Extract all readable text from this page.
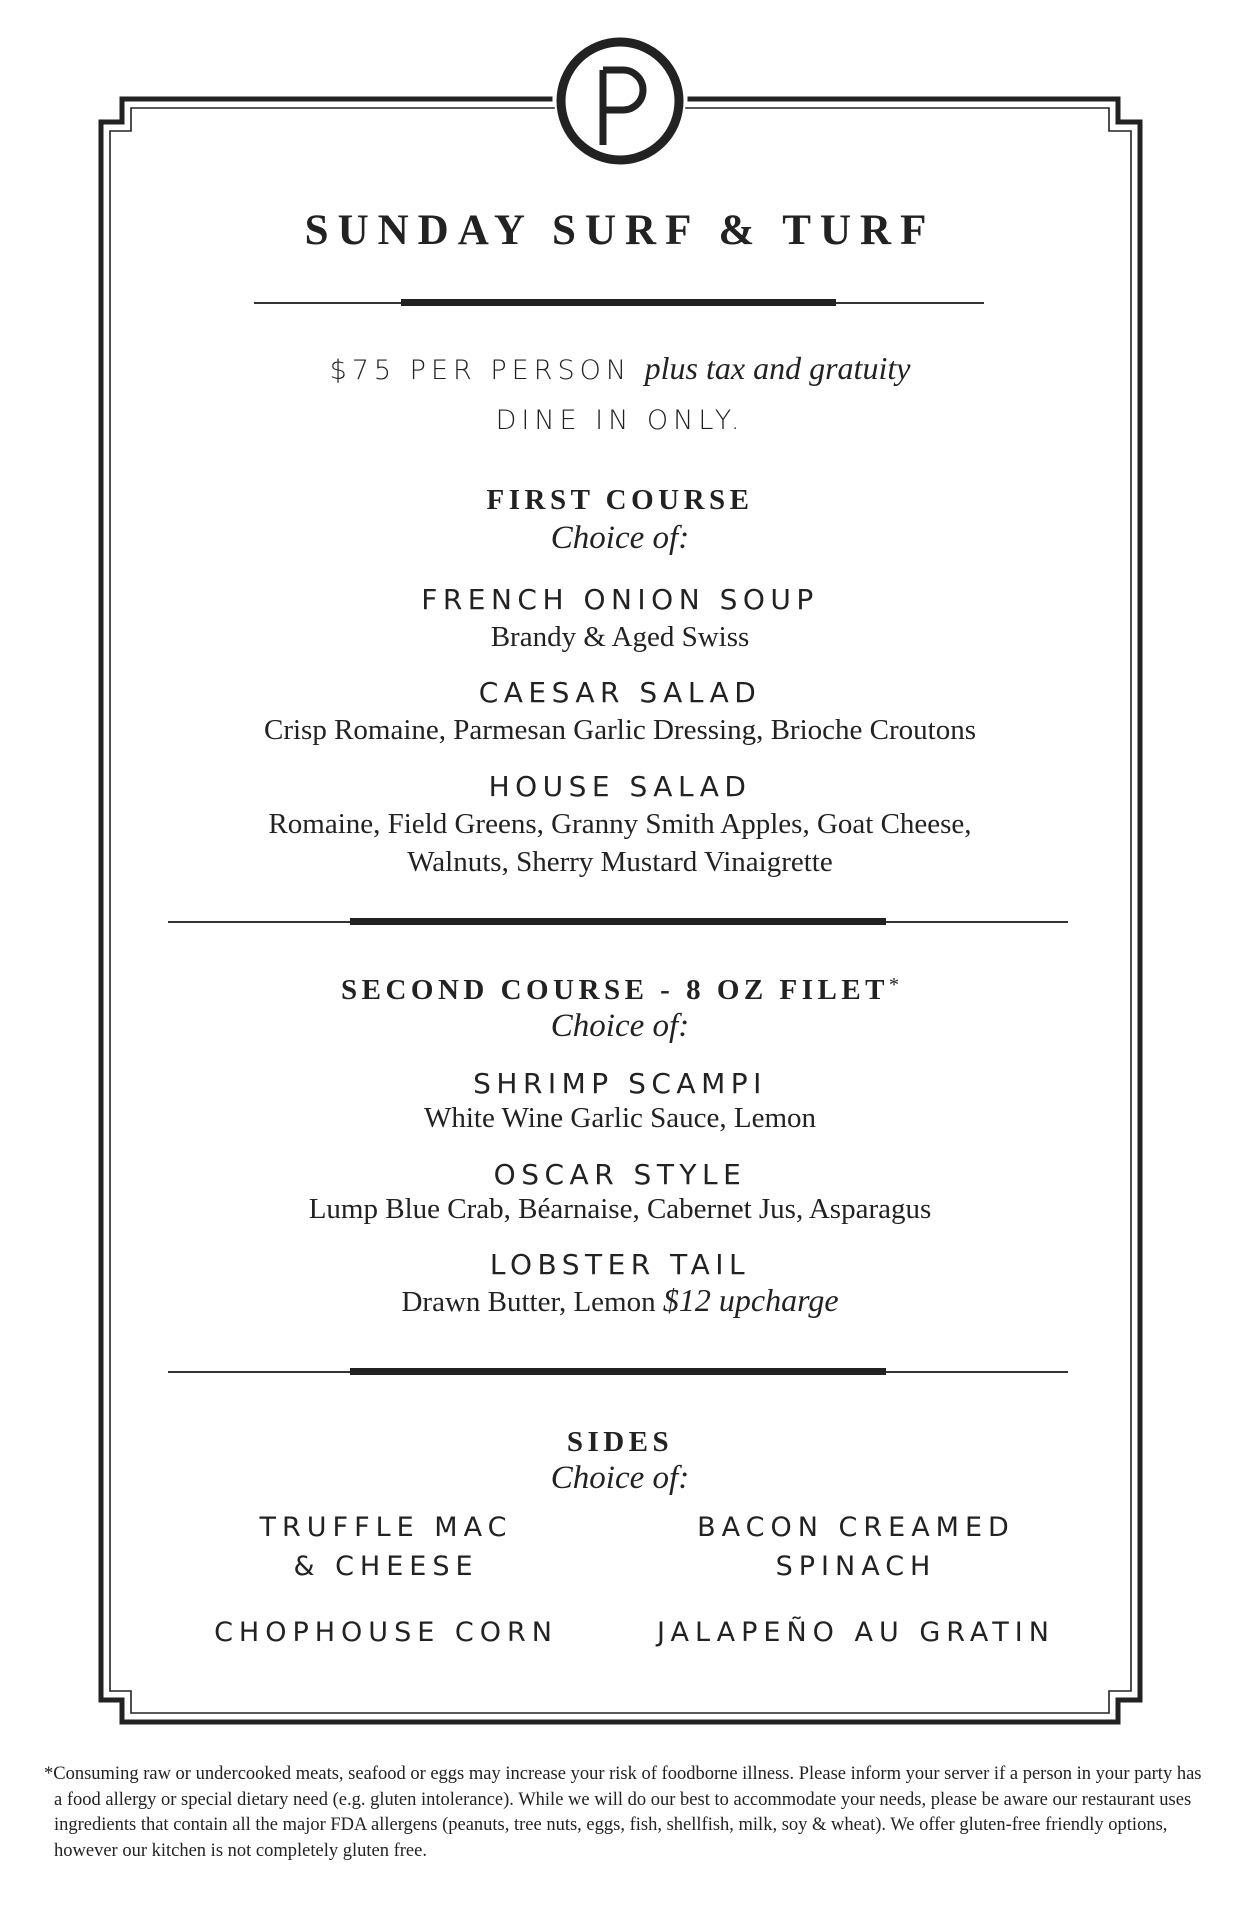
SUNDAY SURF & TURF
$75 PER PERSON plus tax and gratuity
DINE IN ONLY.
FIRST COURSE
Choice of:
FRENCH ONION SOUP
Brandy & Aged Swiss
CAESAR SALAD
Crisp Romaine, Parmesan Garlic Dressing, Brioche Croutons
HOUSE SALAD
Romaine, Field Greens, Granny Smith Apples, Goat Cheese,
Walnuts, Sherry Mustard Vinaigrette
SECOND COURSE - 8 OZ FILET*
Choice of:
SHRIMP SCAMPI
White Wine Garlic Sauce, Lemon
OSCAR STYLE
Lump Blue Crab, Béarnaise, Cabernet Jus, Asparagus
LOBSTER TAIL
Drawn Butter, Lemon $12 upcharge
SIDES
Choice of:
TRUFFLE MAC
& CHEESE
BACON CREAMED
SPINACH
CHOPHOUSE CORN	JALAPEÑO AU GRATIN

*Consuming raw or undercooked meats, seafood or eggs may increase your risk of foodborne illness. Please inform your server if a person in your party has a food allergy or special dietary need (e.g. gluten intolerance). While we will do our best to accommodate your needs, please be aware our restaurant uses ingredients that contain all the major FDA allergens (peanuts, tree nuts, eggs, fish, shellfish, milk, soy & wheat). We offer gluten-free friendly options, however our kitchen is not completely gluten free.
